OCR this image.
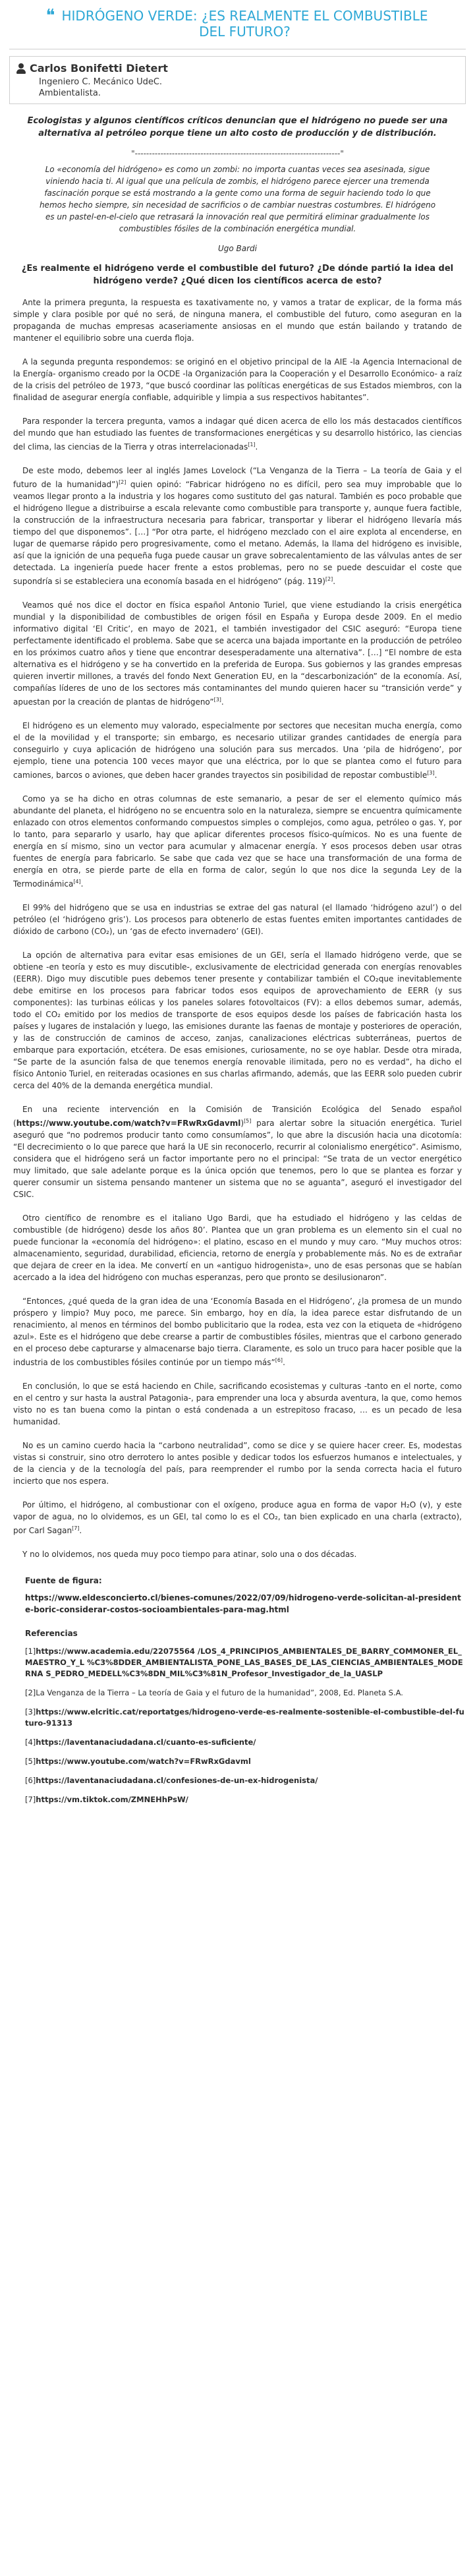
❝ HIDRÓGENO VERDE: ¿ES REALMENTE EL COMBUSTIBLE DEL FUTURO?
Carlos Bonifetti Dietert
Ingeniero C. Mecánico UdeC.
Ambientalista.
Ecologistas y algunos científicos críticos denuncian que el hidrógeno no puede ser una alternativa al petróleo porque tiene un alto costo de producción y de distribución.
"------------------------------------------------------------------------"
Lo «economía del hidrógeno» es como un zombi: no importa cuantas veces sea asesinada, sigue viniendo hacia ti. Al igual que una película de zombis, el hidrógeno parece ejercer una tremenda fascinación porque se está mostrando a la gente como una forma de seguir haciendo todo lo que hemos hecho siempre, sin necesidad de sacrificios o de cambiar nuestras costumbres. El hidrógeno es un pastel-en-el-cielo que retrasará la innovación real que permitirá eliminar gradualmente los combustibles fósiles de la combinación energética mundial.
Ugo Bardi
¿Es realmente el hidrógeno verde el combustible del futuro? ¿De dónde partió la idea del hidrógeno verde? ¿Qué dicen los científicos acerca de esto?

Ante la primera pregunta, la respuesta es taxativamente no, y vamos a tratar de explicar, de la forma más simple y clara posible por qué no será, de ninguna manera, el combustible del futuro, como aseguran en la propaganda de muchas empresas acaseriamente ansiosas en el mundo que están bailando y tratando de mantener el equilibrio sobre una cuerda floja.

A la segunda pregunta respondemos: se originó en el objetivo principal de la AIE -la Agencia Internacional de la Energía- organismo creado por la OCDE -la Organización para la Cooperación y el Desarrollo Económico- a raíz de la crisis del petróleo de 1973, “que buscó coordinar las políticas energéticas de sus Estados miembros, con la finalidad de asegurar energía confiable, adquirible y limpia a sus respectivos habitantes”.

Para responder la tercera pregunta, vamos a indagar qué dicen acerca de ello los más destacados científicos del mundo que han estudiado las fuentes de transformaciones energéticas y su desarrollo histórico, las ciencias del clima, las ciencias de la Tierra y otras interrelacionadas[1].

De este modo, debemos leer al inglés James Lovelock (“La Venganza de la Tierra – La teoría de Gaia y el futuro de la humanidad”)[2] quien opinó: “Fabricar hidrógeno no es difícil, pero sea muy improbable que lo veamos llegar pronto a la industria y los hogares como sustituto del gas natural. También es poco probable que el hidrógeno llegue a distribuirse a escala relevante como combustible para transporte y, aunque fuera factible, la construcción de la infraestructura necesaria para fabricar, transportar y liberar el hidrógeno llevaría más tiempo del que disponemos”. […] “Por otra parte, el hidrógeno mezclado con el aire explota al encenderse, en lugar de quemarse rápido pero progresivamente, como el metano. Además, la llama del hidrógeno es invisible, así que la ignición de una pequeña fuga puede causar un grave sobrecalentamiento de las válvulas antes de ser detectada. La ingeniería puede hacer frente a estos problemas, pero no se puede descuidar el coste que supondría si se estableciera una economía basada en el hidrógeno” (pág. 119)[2].

Veamos qué nos dice el doctor en física español Antonio Turiel, que viene estudiando la crisis energética mundial y la disponibilidad de combustibles de origen fósil en España y Europa desde 2009. En el medio informativo digital ‘El Critic’, en mayo de 2021, el también investigador del CSIC aseguró: “Europa tiene perfectamente identificado el problema. Sabe que se acerca una bajada importante en la producción de petróleo en los próximos cuatro años y tiene que encontrar desesperadamente una alternativa”. […] “El nombre de esta alternativa es el hidrógeno y se ha convertido en la preferida de Europa. Sus gobiernos y las grandes empresas quieren invertir millones, a través del fondo Next Generation EU, en la “descarbonización” de la economía. Así, compañías líderes de uno de los sectores más contaminantes del mundo quieren hacer su “transición verde” y apuestan por la creación de plantas de hidrógeno”[3].

El hidrógeno es un elemento muy valorado, especialmente por sectores que necesitan mucha energía, como el de la movilidad y el transporte; sin embargo, es necesario utilizar grandes cantidades de energía para conseguirlo y cuya aplicación de hidrógeno una solución para sus mercados. Una ‘pila de hidrógeno’, por ejemplo, tiene una potencia 100 veces mayor que una eléctrica, por lo que se plantea como el futuro para camiones, barcos o aviones, que deben hacer grandes trayectos sin posibilidad de repostar combustible[3].

Como ya se ha dicho en otras columnas de este semanario, a pesar de ser el elemento químico más abundante del planeta, el hidrógeno no se encuentra solo en la naturaleza, siempre se encuentra químicamente enlazado con otros elementos conformando compuestos simples o complejos, como agua, petróleo o gas. Y, por lo tanto, para separarlo y usarlo, hay que aplicar diferentes procesos físico-químicos. No es una fuente de energía en sí mismo, sino un vector para acumular y almacenar energía. Y esos procesos deben usar otras fuentes de energía para fabricarlo. Se sabe que cada vez que se hace una transformación de una forma de energía en otra, se pierde parte de ella en forma de calor, según lo que nos dice la segunda Ley de la Termodinámica[4].

El 99% del hidrógeno que se usa en industrias se extrae del gas natural (el llamado ‘hidrógeno azul’) o del petróleo (el ‘hidrógeno gris’). Los procesos para obtenerlo de estas fuentes emiten importantes cantidades de dióxido de carbono (CO₂), un ‘gas de efecto invernadero’ (GEI).

La opción de alternativa para evitar esas emisiones de un GEI, sería el llamado hidrógeno verde, que se obtiene -en teoría y esto es muy discutible-, exclusivamente de electricidad generada con energías renovables (EERR). Digo muy discutible pues debemos tener presente y contabilizar también el CO₂que inevitablemente debe emitirse en los procesos para fabricar todos esos equipos de aprovechamiento de EERR (y sus componentes): las turbinas eólicas y los paneles solares fotovoltaicos (FV): a ellos debemos sumar, además, todo el CO₂ emitido por los medios de transporte de esos equipos desde los países de fabricación hasta los países y lugares de instalación y luego, las emisiones durante las faenas de montaje y posteriores de operación, y las de construcción de caminos de acceso, zanjas, canalizaciones eléctricas subterráneas, puertos de embarque para exportación, etcétera. De esas emisiones, curiosamente, no se oye hablar. Desde otra mirada, “Se parte de la asunción falsa de que tenemos energía renovable ilimitada, pero no es verdad”, ha dicho el físico Antonio Turiel, en reiteradas ocasiones en sus charlas afirmando, además, que las EERR solo pueden cubrir cerca del 40% de la demanda energética mundial.

En una reciente intervención en la Comisión de Transición Ecológica del Senado español (https://www.youtube.com/watch?v=FRwRxGdavml)[5] para alertar sobre la situación energética. Turiel aseguró que “no podremos producir tanto como consumíamos”, lo que abre la discusión hacia una dicotomía: “El decrecimiento o lo que parece que hará la UE sin reconocerlo, recurrir al colonialismo energético”. Asimismo, considera que el hidrógeno será un factor importante pero no el principal: “Se trata de un vector energético muy limitado, que sale adelante porque es la única opción que tenemos, pero lo que se plantea es forzar y querer consumir un sistema pensando mantener un sistema que no se aguanta”, aseguró el investigador del CSIC.

Otro científico de renombre es el italiano Ugo Bardi, que ha estudiado el hidrógeno y las celdas de combustible (de hidrógeno) desde los años 80’. Plantea que un gran problema es un elemento sin el cual no puede funcionar la «economía del hidrógeno»: el platino, escaso en el mundo y muy caro. “Muy muchos otros: almacenamiento, seguridad, durabilidad, eficiencia, retorno de energía y probablemente más. No es de extrañar que dejara de creer en la idea. Me convertí en un «antiguo hidrogenista», uno de esas personas que se habían acercado a la idea del hidrógeno con muchas esperanzas, pero que pronto se desilusionaron”.

“Entonces, ¿qué queda de la gran idea de una ‘Economía Basada en el Hidrógeno’, ¿la promesa de un mundo próspero y limpio? Muy poco, me parece. Sin embargo, hoy en día, la idea parece estar disfrutando de un renacimiento, al menos en términos del bombo publicitario que la rodea, esta vez con la etiqueta de «hidrógeno azul». Este es el hidrógeno que debe crearse a partir de combustibles fósiles, mientras que el carbono generado en el proceso debe capturarse y almacenarse bajo tierra. Claramente, es solo un truco para hacer posible que la industria de los combustibles fósiles continúe por un tiempo más”[6].

En conclusión, lo que se está haciendo en Chile, sacrificando ecosistemas y culturas -tanto en el norte, como en el centro y sur hasta la austral Patagonia-, para emprender una loca y absurda aventura, la que, como hemos visto no es tan buena como la pintan o está condenada a un estrepitoso fracaso, … es un pecado de lesa humanidad.

No es un camino cuerdo hacia la “carbono neutralidad”, como se dice y se quiere hacer creer. Es, modestas vistas si construir, sino otro derrotero lo antes posible y dedicar todos los esfuerzos humanos e intelectuales, y de la ciencia y de la tecnología del país, para reemprender el rumbo por la senda correcta hacia el futuro incierto que nos espera.

Por último, el hidrógeno, al combustionar con el oxígeno, produce agua en forma de vapor H₂O (v), y este vapor de agua, no lo olvidemos, es un GEI, tal como lo es el CO₂, tan bien explicado en una charla (extracto), por Carl Sagan[7].

Y no lo olvidemos, nos queda muy poco tiempo para atinar, solo una o dos décadas.

Fuente de figura:
https://www.eldesconcierto.cl/bienes-comunes/2022/07/09/hidrogeno-verde-solicitan-al-presidente-boric-considerar-costos-socioambientales-para-mag.html
Referencias
[1]https://www.academia.edu/22075564 /LOS_4_PRINCIPIOS_AMBIENTALES_DE_BARRY_COMMONER_EL_MAESTRO_Y_L %C3%8DDER_AMBIENTALISTA_PONE_LAS_BASES_DE_LAS_CIENCIAS_AMBIENTALES_MODERNA S_PEDRO_MEDELL%C3%8DN_MIL%C3%81N_Profesor_Investigador_de_la_UASLP
[2]La Venganza de la Tierra – La teoría de Gaia y el futuro de la humanidad”, 2008, Ed. Planeta S.A.
[3]https://www.elcritic.cat/reportatges/hidrogeno-verde-es-realmente-sostenible-el-combustible-del-futuro-91313
[4]https://laventanaciudadana.cl/cuanto-es-suficiente/
[5]https://www.youtube.com/watch?v=FRwRxGdavml
[6]https://laventanaciudadana.cl/confesiones-de-un-ex-hidrogenista/
[7]https://vm.tiktok.com/ZMNEHhPsW/
